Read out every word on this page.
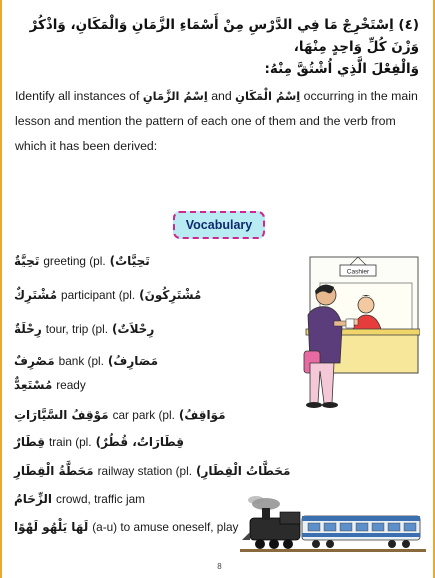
(٤) اِسْتَخْرِجْ مَا فِي الدَّرْسِ مِنْ أَسْمَاءِ الزَّمَانِ وَالْمَكَانِ، وَاذْكُرْ وَزْنَ كُلِّ وَاحِدٍ مِنْهَا،
وَالْفِعْلَ الَّذِي اُشْتُقَّ مِنْهُ:
Identify all instances of اِسْمُ الزَّمَانِ and اِسْمُ الْمَكَانِ occurring in the main
lesson and mention the pattern of each one of them and the verb from
which it has been derived:
Vocabulary
تَحِيَّةٌ greeting (pl. تَحِيَّاتٌ)
مُشْتَرِكٌ participant (pl. مُشْتَرِكُونَ)
رِحْلَةٌ tour, trip (pl. رِحْلاَتٌ)
مَصْرِفٌ bank (pl. مَصَارِفُ)
مُسْتَعِدٌّ ready
مَوْقِفُ السَّيَّارَاتِ car park (pl. مَوَاقِفُ)
قِطَارٌ train (pl. قِطَارَاتٌ، قُطُرٌ)
مَحَطَّةُ الْقِطَارِ railway station (pl. مَحَطَّاتُ الْقِطَارِ)
الزِّحَامُ crowd, traffic jam
لَهَا يَلْهُو لَهْوًا (a-u) to amuse oneself, play
Cashier
8
